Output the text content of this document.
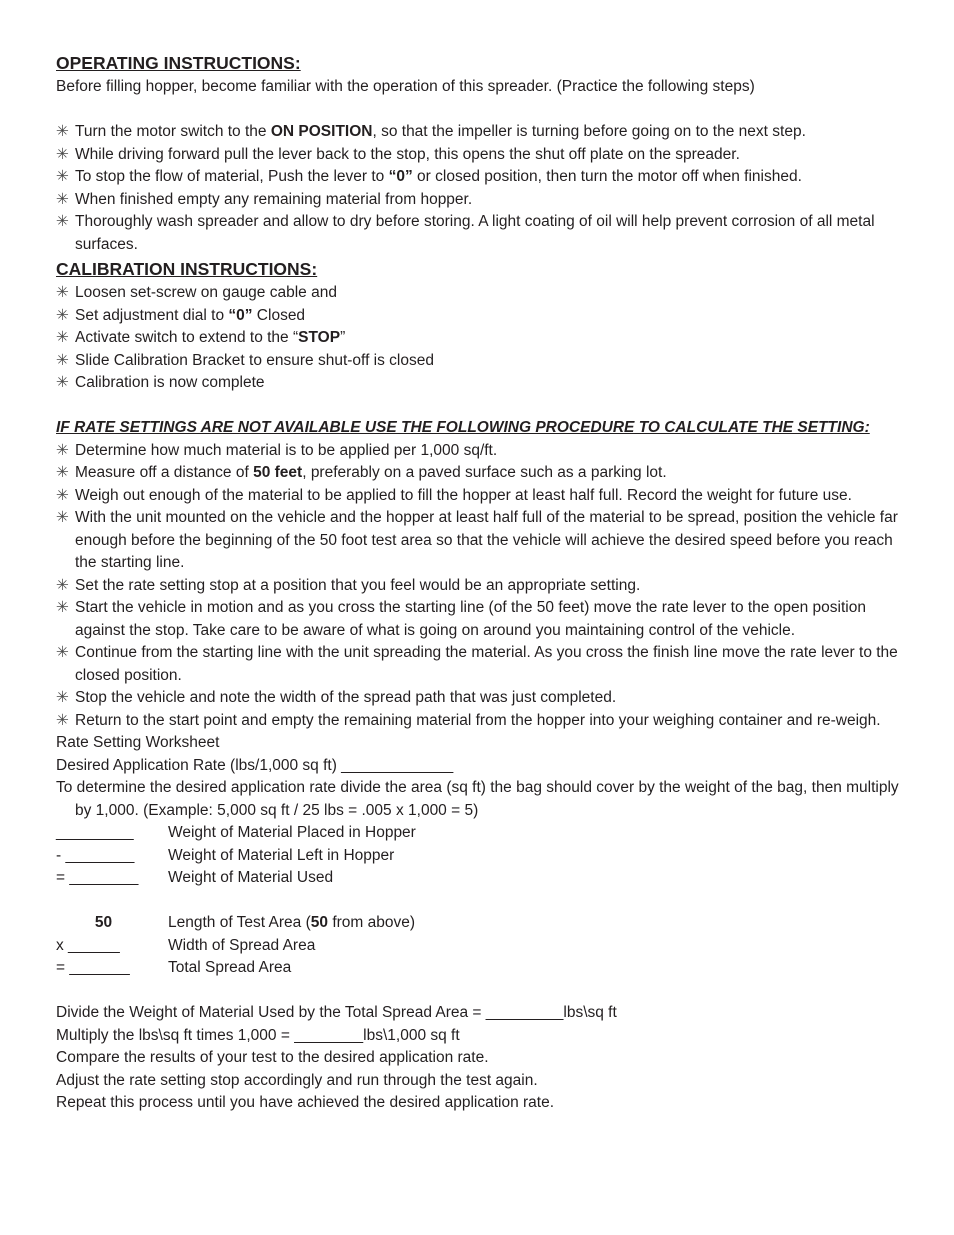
OPERATING INSTRUCTIONS:
Before filling hopper, become familiar with the operation of this spreader. (Practice the following steps)
✳ Turn the motor switch to the ON POSITION, so that the impeller is turning before going on to the next step.
✳ While driving forward pull the lever back to the stop, this opens the shut off plate on the spreader.
✳ To stop the flow of material, Push the lever to “0” or closed position, then turn the motor off when finished.
✳ When finished empty any remaining material from hopper.
✳ Thoroughly wash spreader and allow to dry before storing. A light coating of oil will help prevent corrosion of all metal surfaces.
CALIBRATION INSTRUCTIONS:
✳ Loosen set-screw on gauge cable and
✳ Set adjustment dial to “0” Closed
✳ Activate switch to extend to the “STOP”
✳ Slide Calibration Bracket to ensure shut-off is closed
✳ Calibration is now complete
IF RATE SETTINGS ARE NOT AVAILABLE USE THE FOLLOWING PROCEDURE TO CALCULATE THE SETTING:
✳ Determine how much material is to be applied per 1,000 sq/ft.
✳ Measure off a distance of 50 feet, preferably on a paved surface such as a parking lot.
✳ Weigh out enough of the material to be applied to fill the hopper at least half full. Record the weight for future use.
✳ With the unit mounted on the vehicle and the hopper at least half full of the material to be spread, position the vehicle far enough before the beginning of the 50 foot test area so that the vehicle will achieve the desired speed before you reach the starting line.
✳ Set the rate setting stop at a position that you feel would be an appropriate setting.
✳ Start the vehicle in motion and as you cross the starting line (of the 50 feet) move the rate lever to the open position against the stop. Take care to be aware of what is going on around you maintaining control of the vehicle.
✳ Continue from the starting line with the unit spreading the material. As you cross the finish line move the rate lever to the closed position.
✳ Stop the vehicle and note the width of the spread path that was just completed.
✳ Return to the start point and empty the remaining material from the hopper into your weighing container and re-weigh.
Rate Setting Worksheet
Desired Application Rate (lbs/1,000 sq ft) _____________
To determine the desired application rate divide the area (sq ft) the bag should cover by the weight of the bag, then multiply by 1,000. (Example: 5,000 sq ft / 25 lbs = .005 x 1,000 = 5)
_________	Weight of Material Placed in Hopper
- ________	Weight of Material Left in Hopper
= ________	Weight of Material Used
50	Length of Test Area (50 from above)
x ______	Width of Spread Area
= _______	Total Spread Area
Divide the Weight of Material Used by the Total Spread Area = _________lbs\sq ft
Multiply the lbs\sq ft times 1,000 = ________lbs\1,000 sq ft
Compare the results of your test to the desired application rate.
Adjust the rate setting stop accordingly and run through the test again.
Repeat this process until you have achieved the desired application rate.
